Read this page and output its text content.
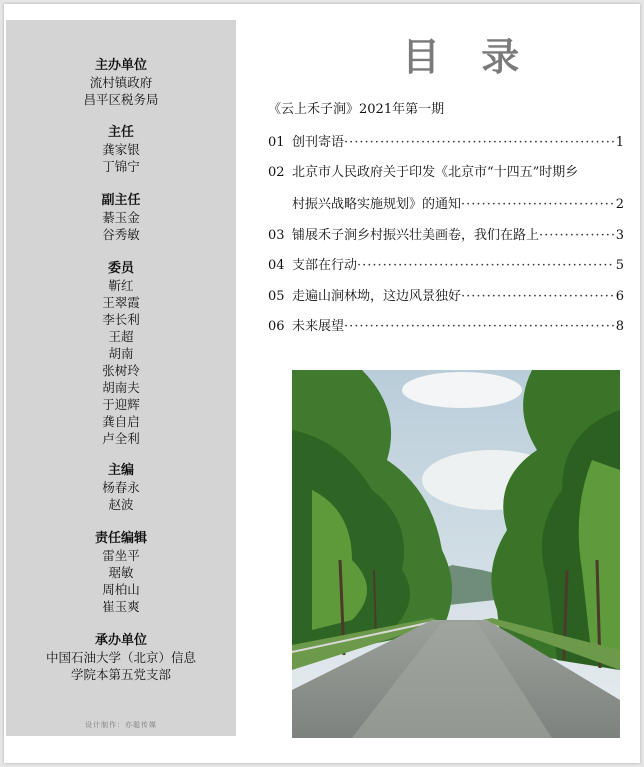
主办单位
流村镇政府
昌平区税务局
主任
龚家银
丁锦宁
副主任
綦玉金
谷秀敏
委员
靳红
王翠霞
李长利
王超
胡南
张树玲
胡南夫
于迎辉
龚自启
卢全利
主编
杨春永
赵波
责任编辑
雷坐平
琚敏
周柏山
崔玉爽
承办单位
中国石油大学（北京）信息
学院本第五党支部
设计制作：亦聪传媒
目 录
《云上禾子涧》2021年第一期
01 创刊寄语 ·····	1
02 北京市人民政府关于印发《北京市“十四五”时期乡
村振兴战略实施规划》的通知 ·····	2
03 铺展禾子涧乡村振兴壮美画卷，我们在路上 ·····	3
04 支部在行动 ·····	5
05 走遍山涧林坳，这边风景独好 ·····	6
06 未来展望 ·····	8
